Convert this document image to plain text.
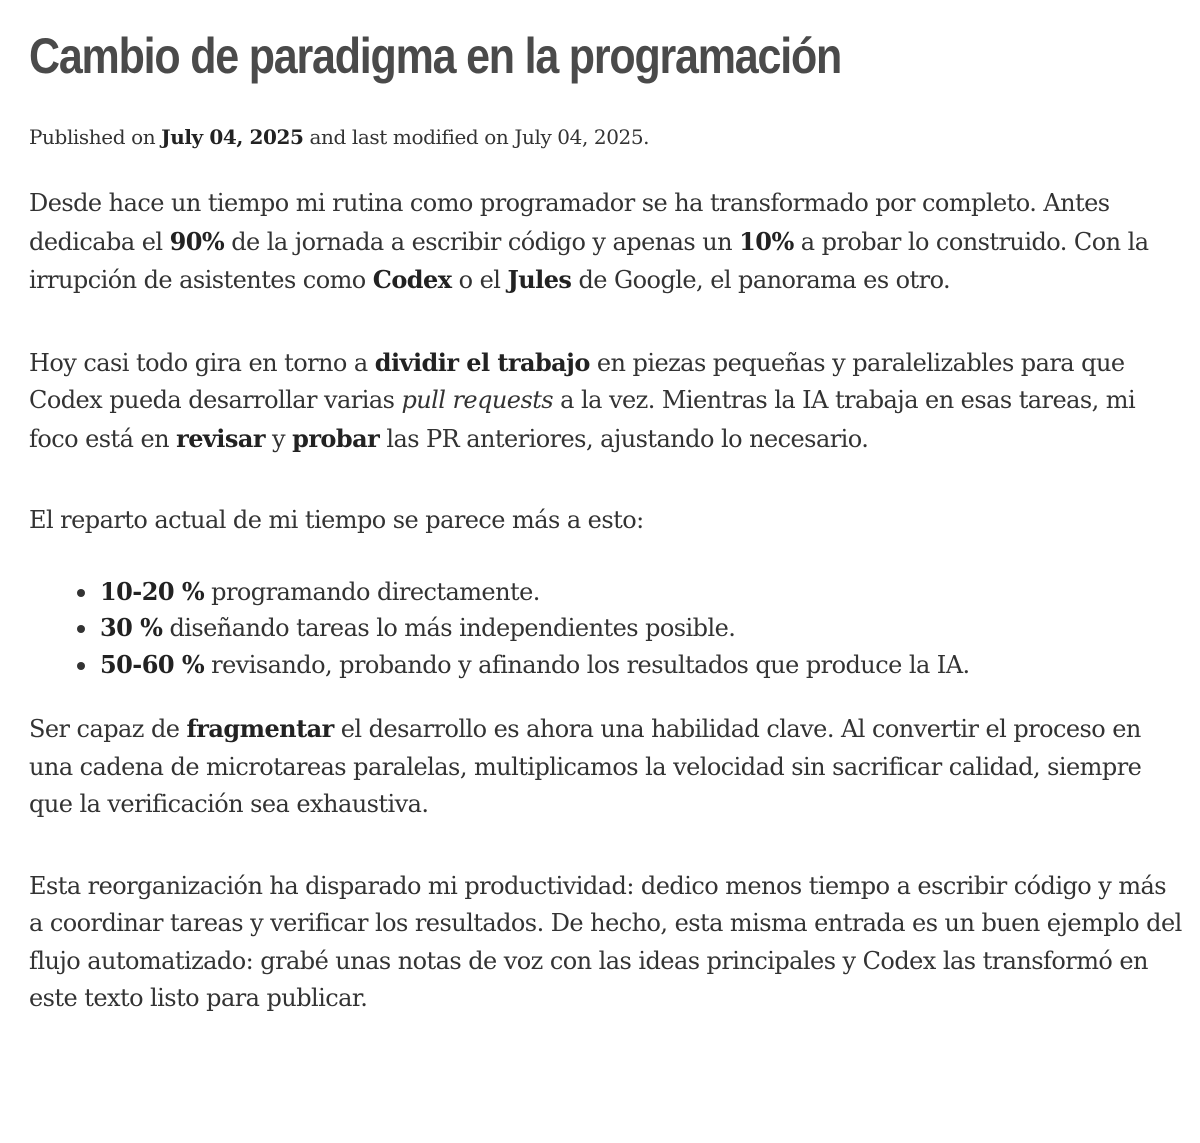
Cambio de paradigma en la programación
Published on July 04, 2025 and last modified on July 04, 2025.

Desde hace un tiempo mi rutina como programador se ha transformado por completo. Antes dedicaba el 90% de la jornada a escribir código y apenas un 10% a probar lo construido. Con la irrupción de asistentes como Codex o el Jules de Google, el panorama es otro.

Hoy casi todo gira en torno a dividir el trabajo en piezas pequeñas y paralelizables para que Codex pueda desarrollar varias pull requests a la vez. Mientras la IA trabaja en esas tareas, mi foco está en revisar y probar las PR anteriores, ajustando lo necesario.

El reparto actual de mi tiempo se parece más a esto:

10-20 % programando directamente.
30 % diseñando tareas lo más independientes posible.
50-60 % revisando, probando y afinando los resultados que produce la IA.

Ser capaz de fragmentar el desarrollo es ahora una habilidad clave. Al convertir el proceso en una cadena de microtareas paralelas, multiplicamos la velocidad sin sacrificar calidad, siempre que la verificación sea exhaustiva.

Esta reorganización ha disparado mi productividad: dedico menos tiempo a escribir código y más a coordinar tareas y verificar los resultados. De hecho, esta misma entrada es un buen ejemplo del flujo automatizado: grabé unas notas de voz con las ideas principales y Codex las transformó en este texto listo para publicar.
